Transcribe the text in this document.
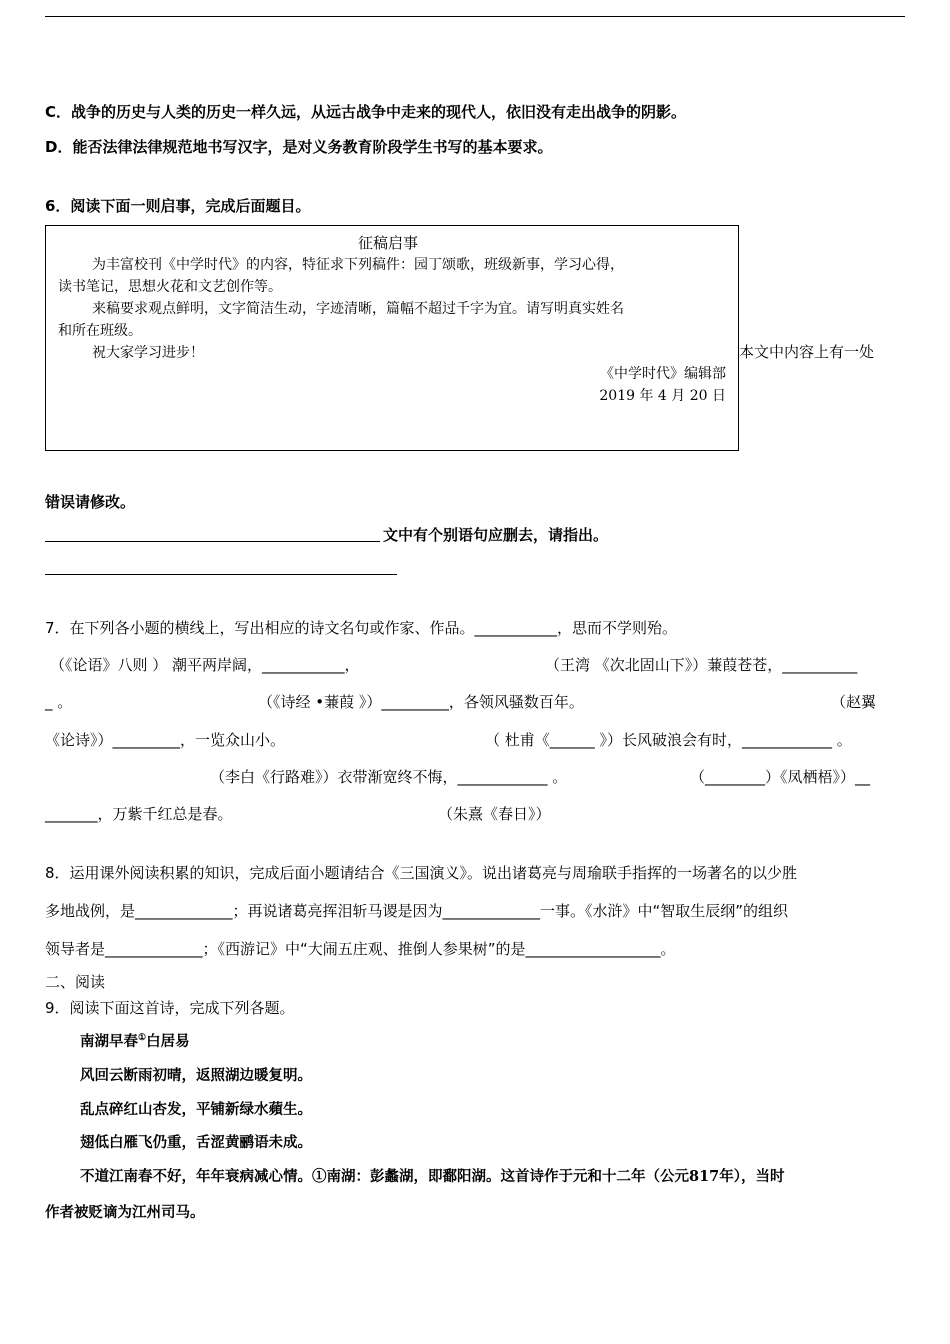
C．战争的历史与人类的历史一样久远，从远古战争中走来的现代人，依旧没有走出战争的阴影。
D．能否法律法律规范地书写汉字，是对义务教育阶段学生书写的基本要求。
6．阅读下面一则启事，完成后面题目。
征稿启事
为丰富校刊《中学时代》的内容，特征求下列稿件：园丁颂歌，班级新事，学习心得，
读书笔记，思想火花和文艺创作等。
来稿要求观点鲜明，文字简洁生动，字迹清晰，篇幅不超过千字为宜。请写明真实姓名
和所在班级。
祝大家学习进步！
《中学时代》编辑部
2019 年 4 月 20 日
本文中内容上有一处
错误请修改。
文中有个别语句应删去，请指出。
7．在下列各小题的横线上，写出相应的诗文名句或作家、作品。___________，思而不学则殆。
（《论语》八则 ） 潮平两岸阔，___________，	（王湾 《次北固山下》）蒹葭苍苍，__________
_ 。	（《诗经 •蒹葭 》）_________，各领风骚数百年。	（赵翼
《论诗》）_________，一览众山小。	（ 杜甫《______ 》）长风破浪会有时，____________ 。
（李白《行路难》）衣带渐宽终不悔，____________ 。	（________）《凤栖梧》）__
_______，万紫千红总是春。	（朱熹《春日》）
8．运用课外阅读积累的知识，完成后面小题请结合《三国演义》。说出诸葛亮与周瑜联手指挥的一场著名的以少胜
多地战例，是_____________；再说诸葛亮挥泪斩马谡是因为_____________一事。《水浒》中“智取生辰纲”的组织
领导者是_____________；《西游记》中“大闹五庄观、推倒人参果树”的是__________________。
二、阅读
9．阅读下面这首诗，完成下列各题。
南湖早春①白居易
风回云断雨初晴，返照湖边暖复明。
乱点碎红山杏发，平铺新绿水蘋生。
翅低白雁飞仍重，舌涩黄鹂语未成。
不道江南春不好，年年衰病减心情。①南湖：彭蠡湖，即鄱阳湖。这首诗作于元和十二年（公元817年），当时
作者被贬谪为江州司马。
